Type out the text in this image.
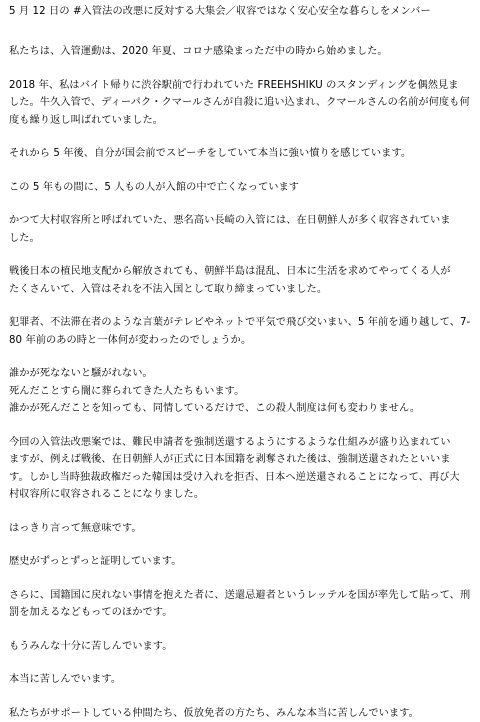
5 月 12 日の #入管法の改悪に反対する大集会／収容ではなく安心安全な暮らしをメンバー
私たちは、入管運動は、2020 年夏、コロナ感染まっただ中の時から始めました。
2018 年、私はバイト帰りに渋谷駅前で行われていた FREEHSHIKU のスタンディングを偶然見ま
した。牛久入管で、ディーパク・クマールさんが自殺に追い込まれ、クマールさんの名前が何度も何
度も繰り返し叫ばれていました。
それから 5 年後、自分が国会前でスピーチをしていて本当に強い憤りを感じています。
この 5 年もの間に、5 人もの人が入館の中で亡くなっています
かつて大村収容所と呼ばれていた、悪名高い長崎の入管には、在日朝鮮人が多く収容されていま
した。
戦後日本の植民地支配から解放されても、朝鮮半島は混乱、日本に生活を求めてやってくる人が
たくさんいて、入管はそれを不法入国として取り締まっていました。
犯罪者、不法滞在者のような言葉がテレビやネットで平気で飛び交いまい、5 年前を通り越して、7-
80 年前のあの時と一体何が変わったのでしょうか。
誰かが死なないと騒がれない。
死んだことすら闇に葬られてきた人たちもいます。
誰かが死んだことを知っても、同情しているだけで、この殺人制度は何も変わりません。
今回の入管法改悪案では、難民申請者を強制送還するようにするような仕組みが盛り込まれてい
ますが、例えば戦後、在日朝鮮人が正式に日本国籍を剥奪された後は、強制送還されたといいま
す。しかし当時独裁政権だった韓国は受け入れを拒否、日本へ逆送還されることになって、再び大
村収容所に収容されることになりました。
はっきり言って無意味です。
歴史がずっとずっと証明しています。
さらに、国籍国に戻れない事情を抱えた者に、送還忌避者というレッテルを国が率先して貼って、刑
罰を加えるなどもってのほかです。
もうみんな十分に苦しんでいます。
本当に苦しんでいます。
私たちがサポートしている仲間たち、仮放免者の方たち、みんな本当に苦しんでいます。
